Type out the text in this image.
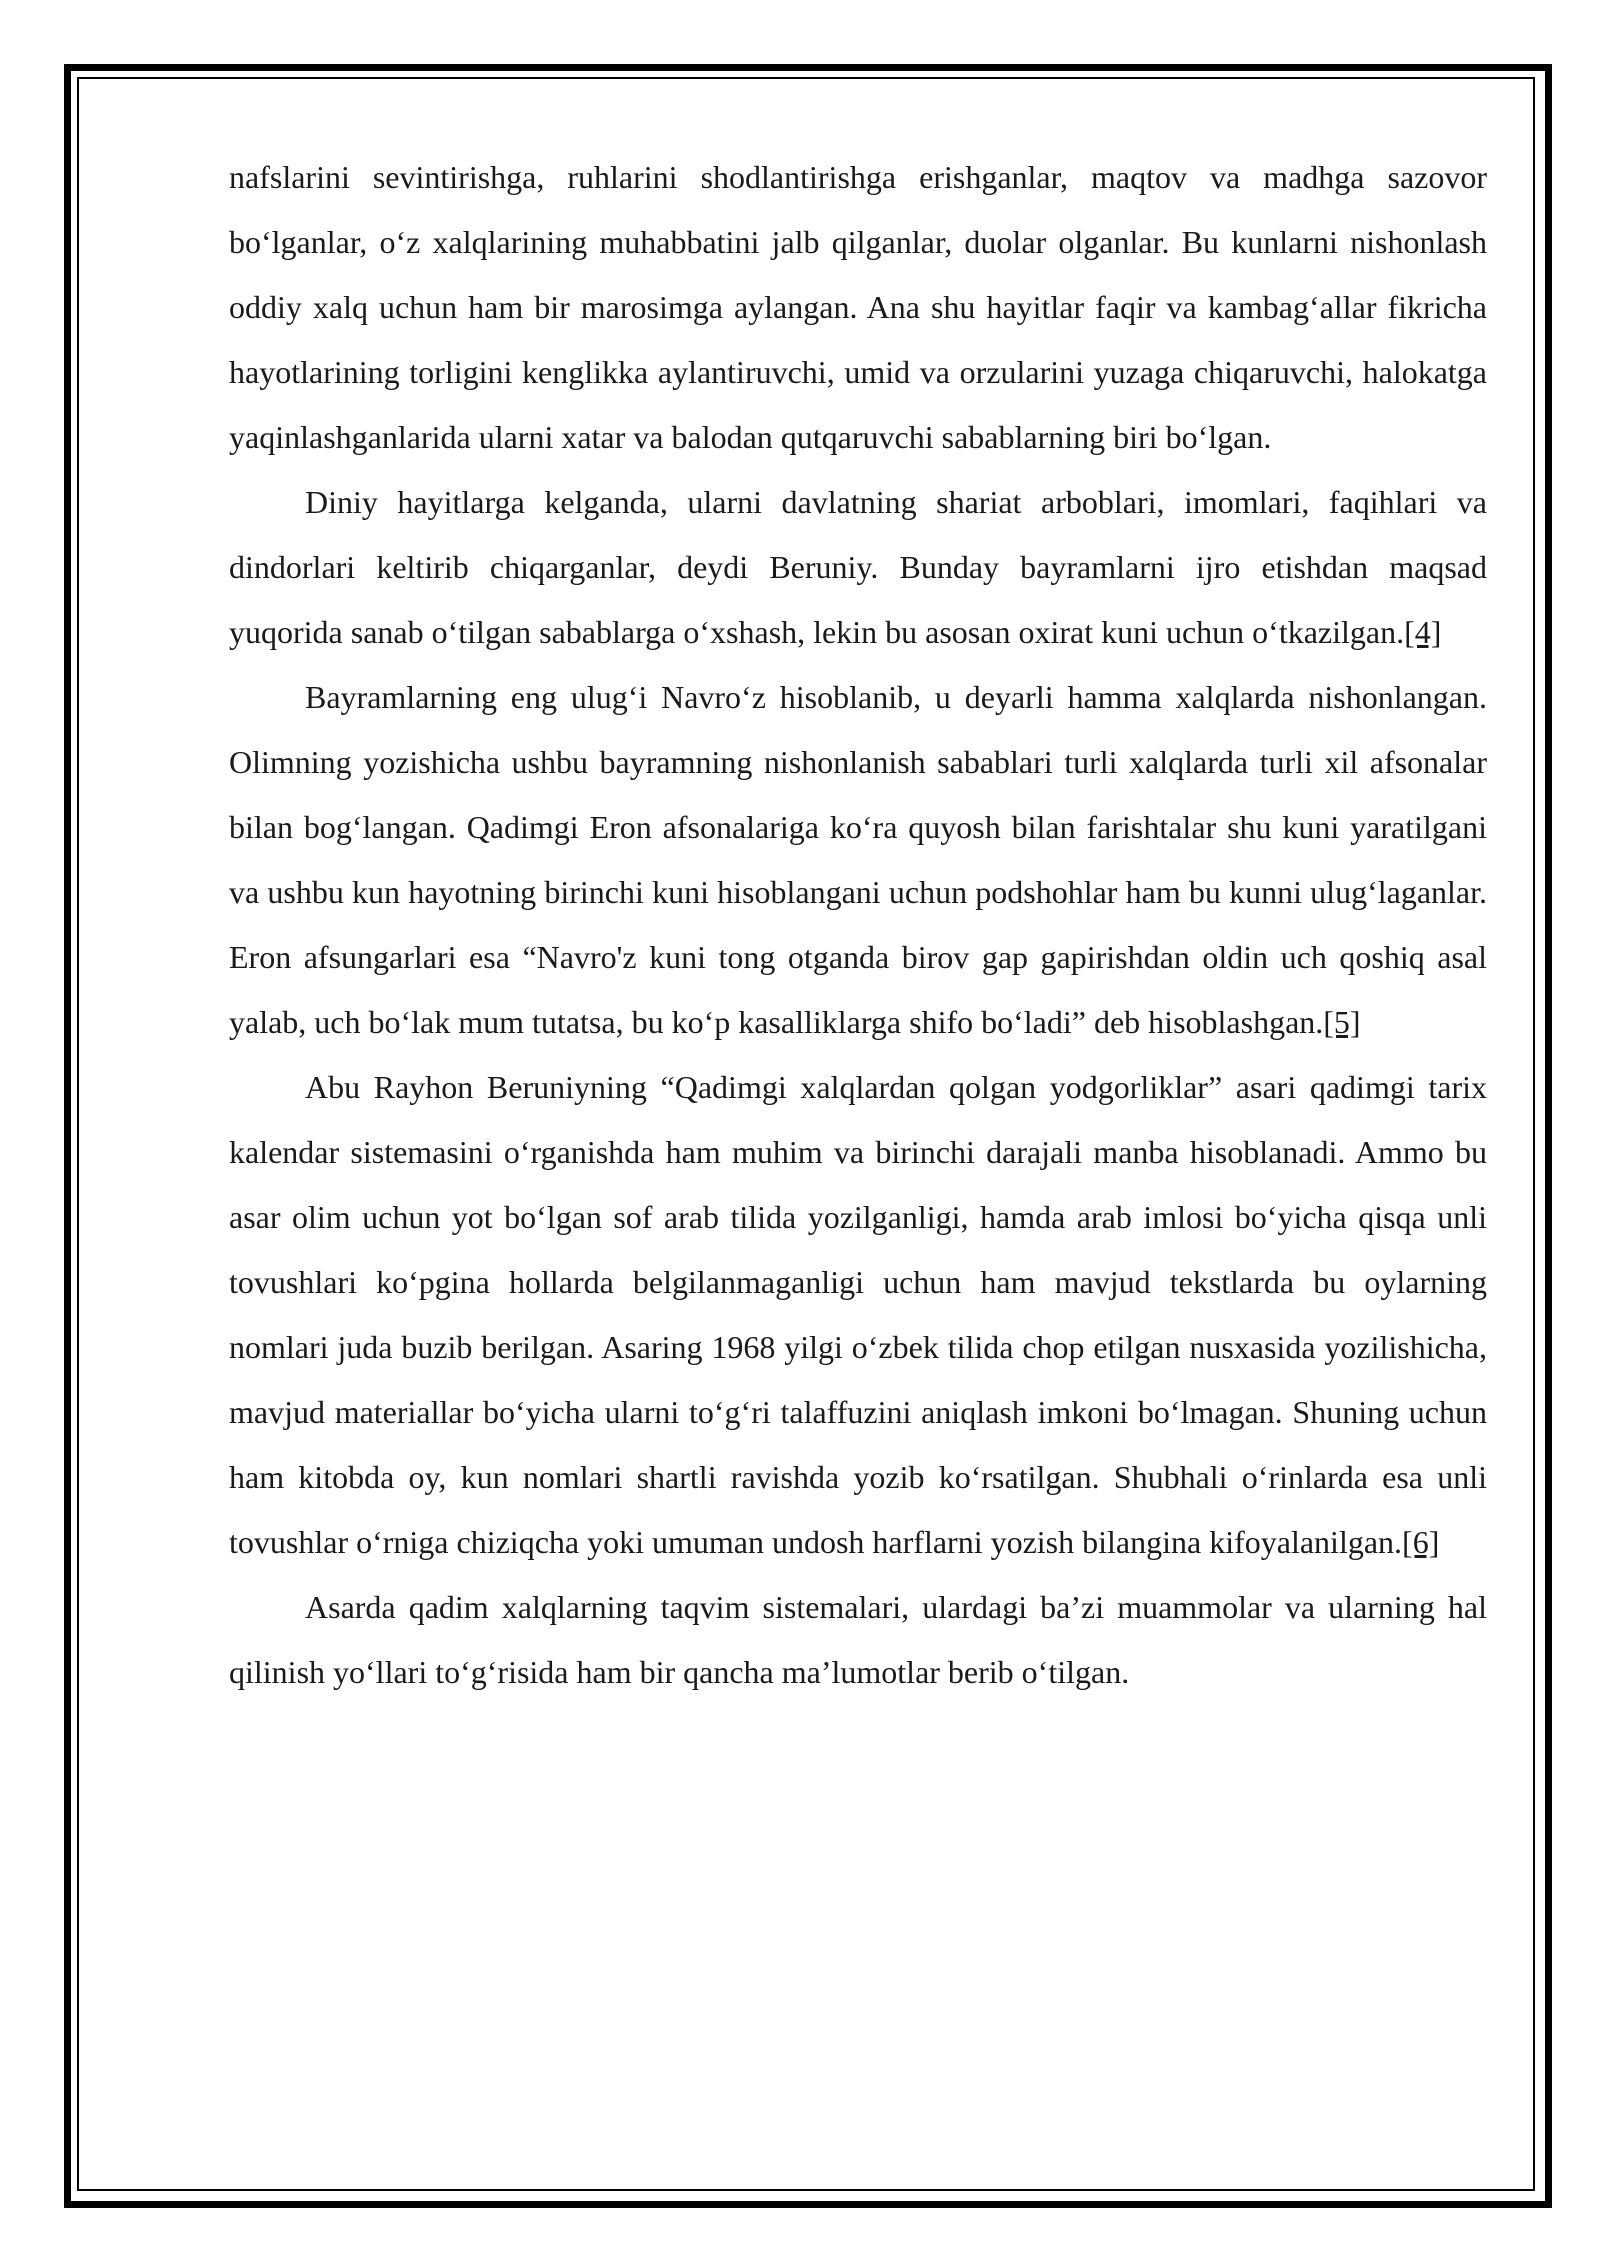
nafslarini sevintirishga, ruhlarini shodlantirishga erishganlar, maqtov va madhga sazovor bo‘lganlar, o‘z xalqlarining muhabbatini jalb qilganlar, duolar olganlar. Bu kunlarni nishonlash oddiy xalq uchun ham bir marosimga aylangan. Ana shu hayitlar faqir va kambag‘allar fikricha hayotlarining torligini kenglikka aylantiruvchi, umid va orzularini yuzaga chiqaruvchi, halokatga yaqinlashganlarida ularni xatar va balodan qutqaruvchi sabablarning biri bo‘lgan.

Diniy hayitlarga kelganda, ularni davlatning shariat arboblari, imomlari, faqihlari va dindorlari keltirib chiqarganlar, deydi Beruniy. Bunday bayramlarni ijro etishdan maqsad yuqorida sanab o‘tilgan sabablarga o‘xshash, lekin bu asosan oxirat kuni uchun o‘tkazilgan.[4]

Bayramlarning eng ulug‘i Navro‘z hisoblanib, u deyarli hamma xalqlarda nishonlangan. Olimning yozishicha ushbu bayramning nishonlanish sabablari turli xalqlarda turli xil afsonalar bilan bog‘langan. Qadimgi Eron afsonalariga ko‘ra quyosh bilan farishtalar shu kuni yaratilgani va ushbu kun hayotning birinchi kuni hisoblangani uchun podshohlar ham bu kunni ulug‘laganlar. Eron afsungarlari esa “Navro'z kuni tong otganda birov gap gapirishdan oldin uch qoshiq asal yalab, uch bo‘lak mum tutatsa, bu ko‘p kasalliklarga shifo bo‘ladi” deb hisoblashgan.[5]

Abu Rayhon Beruniyning “Qadimgi xalqlardan qolgan yodgorliklar” asari qadimgi tarix kalendar sistemasini o‘rganishda ham muhim va birinchi darajali manba hisoblanadi. Ammo bu asar olim uchun yot bo‘lgan sof arab tilida yozilganligi, hamda arab imlosi bo‘yicha qisqa unli tovushlari ko‘pgina hollarda belgilanmaganligi uchun ham mavjud tekstlarda bu oylarning nomlari juda buzib berilgan. Asaring 1968 yilgi o‘zbek tilida chop etilgan nusxasida yozilishicha, mavjud materiallar bo‘yicha ularni to‘g‘ri talaffuzini aniqlash imkoni bo‘lmagan. Shuning uchun ham kitobda oy, kun nomlari shartli ravishda yozib ko‘rsatilgan. Shubhali o‘rinlarda esa unli tovushlar o‘rniga chiziqcha yoki umuman undosh harflarni yozish bilangina kifoyalanilgan.[6]

Asarda qadim xalqlarning taqvim sistemalari, ulardagi ba’zi muammolar va ularning hal qilinish yo‘llari to‘g‘risida ham bir qancha ma’lumotlar berib o‘tilgan.
